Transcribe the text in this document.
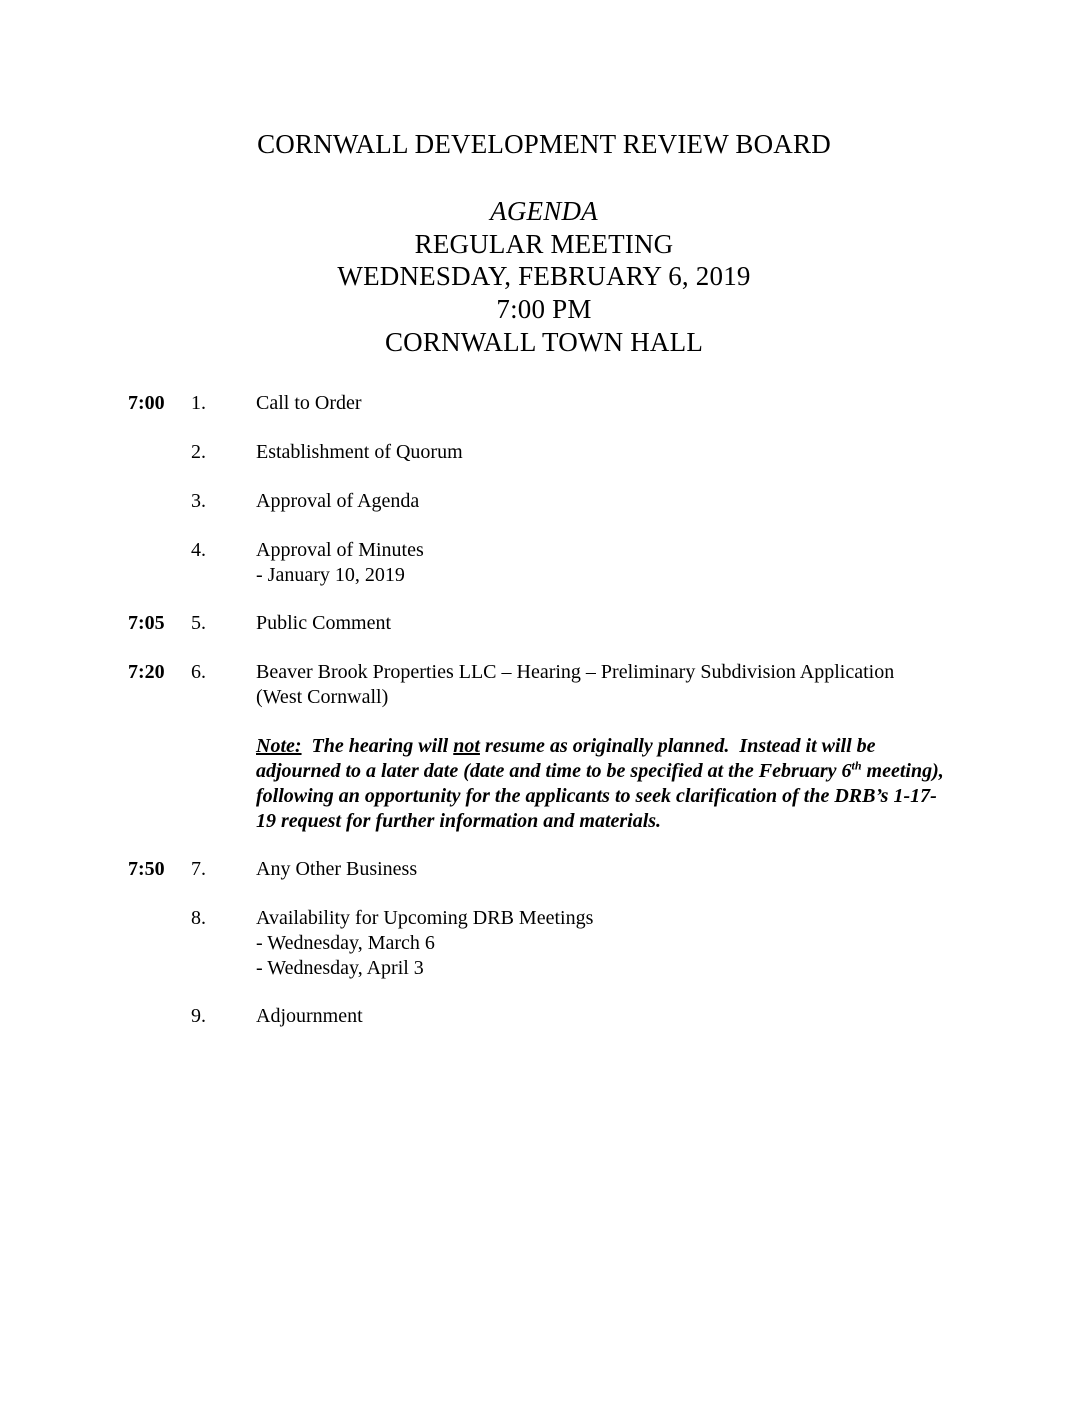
CORNWALL DEVELOPMENT REVIEW BOARD
AGENDA
REGULAR MEETING
WEDNESDAY, FEBRUARY 6, 2019
7:00 PM
CORNWALL TOWN HALL
7:00 1.	Call to Order
2.	Establishment of Quorum
3.	Approval of Agenda
4.	Approval of Minutes
- January 10, 2019
7:05 5.	Public Comment
7:20 6.	Beaver Brook Properties LLC – Hearing – Preliminary Subdivision Application
(West Cornwall)
Note: The hearing will not resume as originally planned. Instead it will be adjourned to a later date (date and time to be specified at the February 6th meeting), following an opportunity for the applicants to seek clarification of the DRB’s 1-17-19 request for further information and materials.
7:50 7.	Any Other Business
8.	Availability for Upcoming DRB Meetings
- Wednesday, March 6
- Wednesday, April 3
9.	Adjournment
